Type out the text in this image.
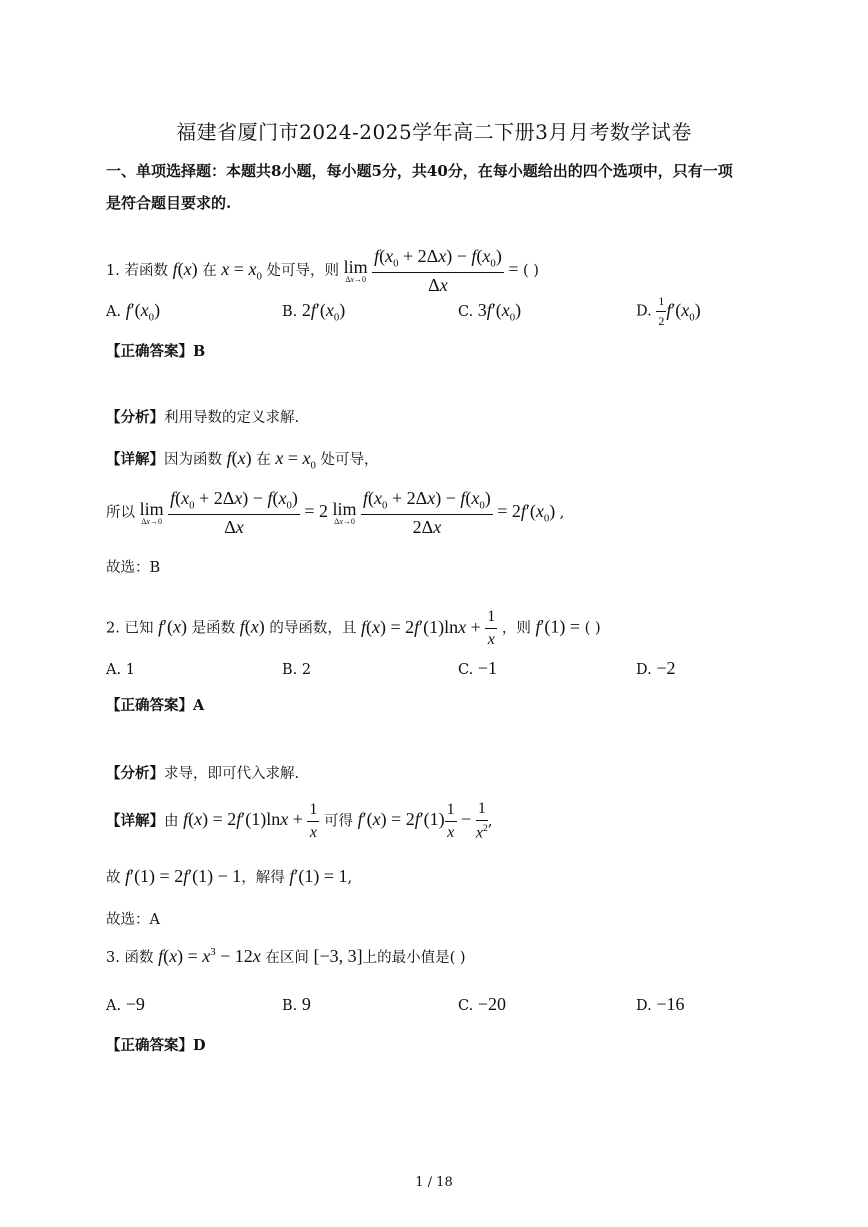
福建省厦门市2024-2025学年高二下册3月月考数学试卷
一、单项选择题：本题共8小题，每小题5分，共40分，在每小题给出的四个选项中，只有一项
是符合题目要求的.
1. 若函数 f(x) 在 $x = x_0$ 处可导，则 lim
Δx→0
$\frac{f(x_0 + 2\Delta x) - f(x_0)}{\Delta x}$ = ( )
A. $f'(x_0)$	B. $2f'(x_0)$	C. $3f'(x_0)$	D. $\frac{1}{2} f'(x_0)$
【正确答案】B
【分析】利用导数的定义求解.
【详解】因为函数 f(x) 在 $x = x_0$ 处可导，
所以 lim
Δx→0
$\frac{f(x_0 + 2\Delta x) - f(x_0)}{\Delta x} = 2$ lim
Δx→0
$\frac{f(x_0 + 2\Delta x) - f(x_0)}{2\Delta x} = 2f'(x_0)$ ,
故选：B
2. 已知 f′(x) 是函数 f(x) 的导函数，且 $f(x) = 2f'(1)\ln x + \frac{1}{x}$ ，则 f′(1) = ( )
A. 1	B. 2	C. −1	D. −2
【正确答案】A
【分析】求导，即可代入求解.
【详解】由 $f(x) = 2f'(1)\ln x + \frac{1}{x}$ 可得 $f'(x) = 2f'(1) \frac{1}{x} - \frac{1}{x^2}$ ,
故 f′(1) = 2f′(1) − 1，解得 f′(1) = 1,
故选：A
3. 函数 $f(x) = x^3 - 12x$ 在区间 [−3, 3]上的最小值是( )
A. −9	B. 9	C. −20	D. −16
【正确答案】D
1 / 18
